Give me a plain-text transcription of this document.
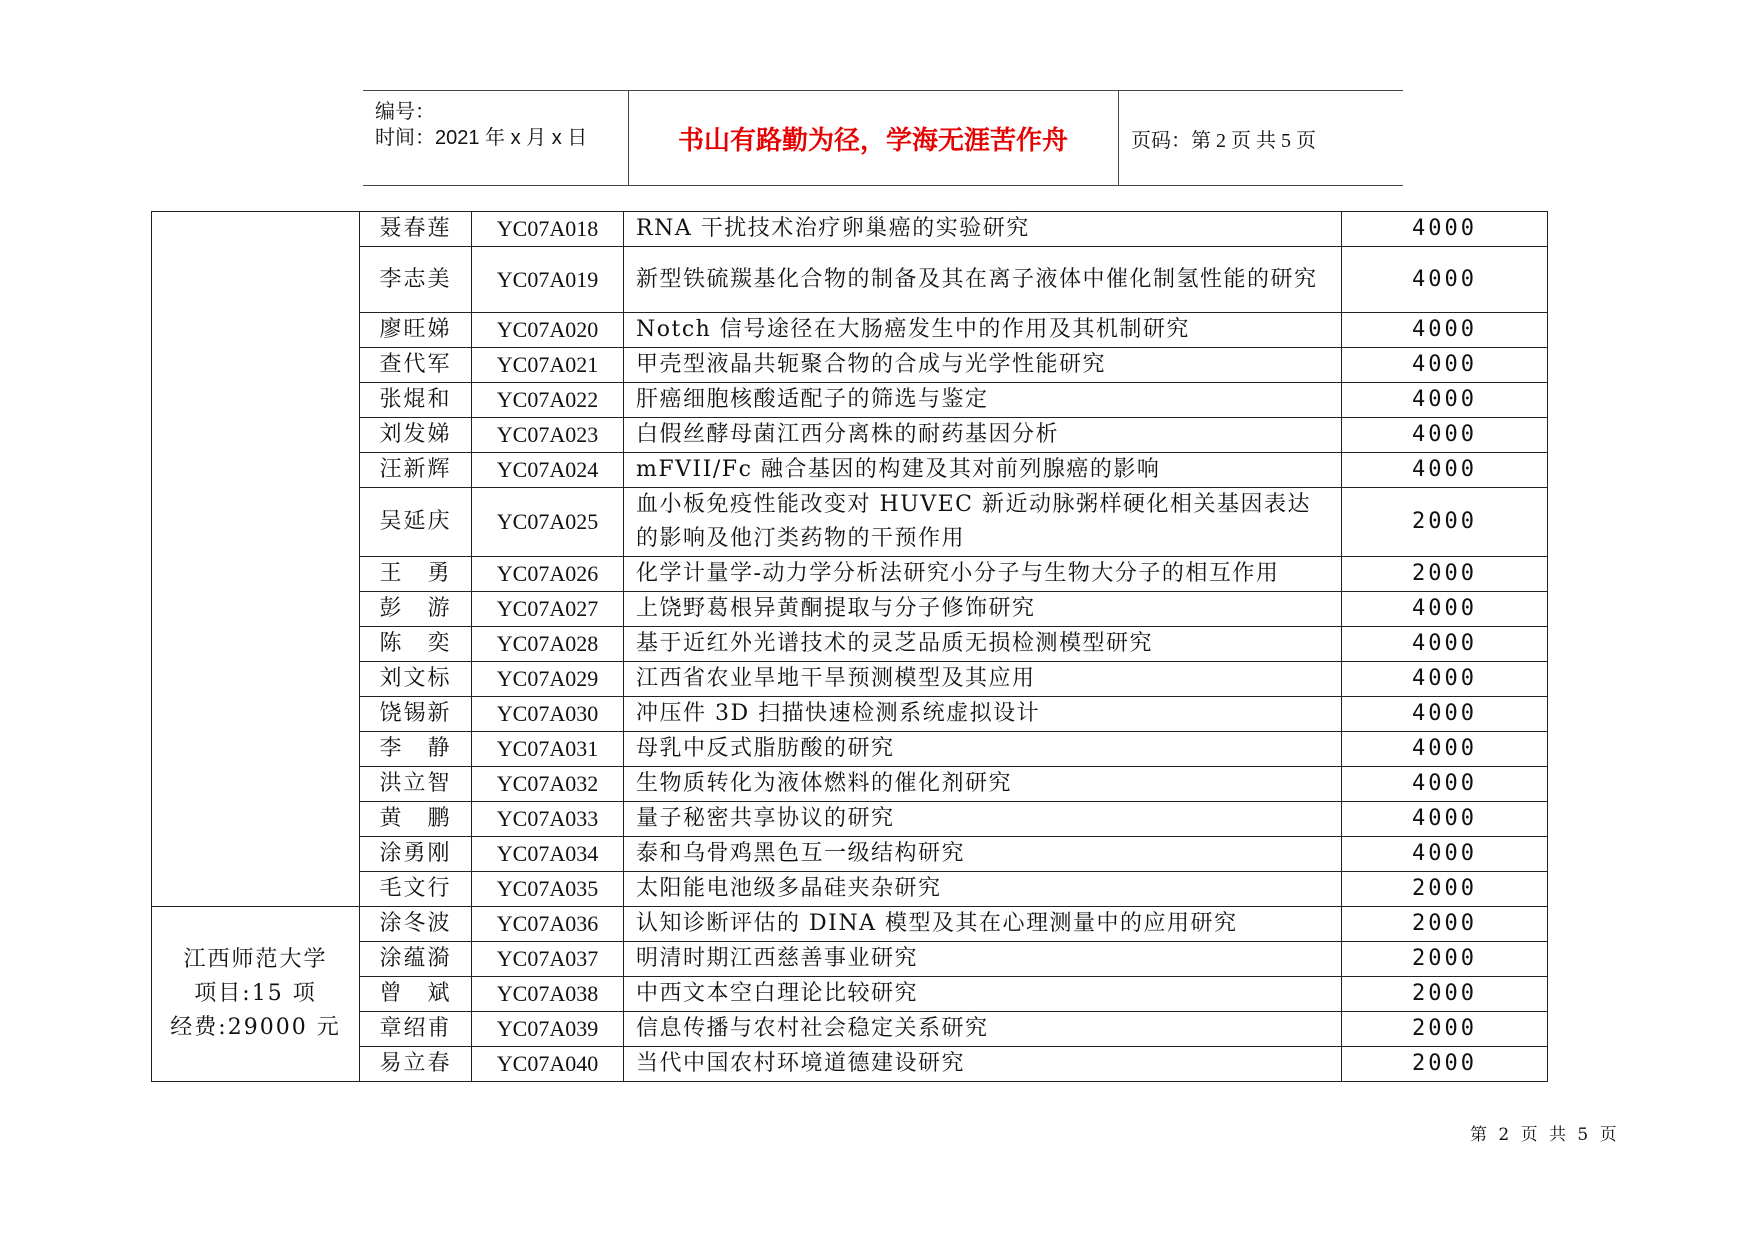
编号：
时间：2021 年 x 月 x 日	书山有路勤为径，学海无涯苦作舟	页码：第 2 页 共 5 页
	聂春莲	YC07A018	RNA 干扰技术治疗卵巢癌的实验研究	4000
	李志美	YC07A019	新型铁硫羰基化合物的制备及其在离子液体中催化制氢性能的研究	4000
	廖旺娣	YC07A020	Notch 信号途径在大肠癌发生中的作用及其机制研究	4000
	查代军	YC07A021	甲壳型液晶共轭聚合物的合成与光学性能研究	4000
	张焜和	YC07A022	肝癌细胞核酸适配子的筛选与鉴定	4000
	刘发娣	YC07A023	白假丝酵母菌江西分离株的耐药基因分析	4000
	汪新辉	YC07A024	mFVII/Fc 融合基因的构建及其对前列腺癌的影响	4000
	吴延庆	YC07A025	血小板免疫性能改变对 HUVEC 新近动脉粥样硬化相关基因表达的影响及他汀类药物的干预作用	2000
	王　勇	YC07A026	化学计量学-动力学分析法研究小分子与生物大分子的相互作用	2000
	彭　游	YC07A027	上饶野葛根异黄酮提取与分子修饰研究	4000
	陈　奕	YC07A028	基于近红外光谱技术的灵芝品质无损检测模型研究	4000
	刘文标	YC07A029	江西省农业旱地干旱预测模型及其应用	4000
	饶锡新	YC07A030	冲压件 3D 扫描快速检测系统虚拟设计	4000
	李　静	YC07A031	母乳中反式脂肪酸的研究	4000
	洪立智	YC07A032	生物质转化为液体燃料的催化剂研究	4000
	黄　鹏	YC07A033	量子秘密共享协议的研究	4000
	涂勇刚	YC07A034	泰和乌骨鸡黑色互一级结构研究	4000
	毛文行	YC07A035	太阳能电池级多晶硅夹杂研究	2000

江西师范大学
项目:15 项
经费:29000 元	涂冬波	YC07A036	认知诊断评估的 DINA 模型及其在心理测量中的应用研究	2000
	涂蕴漪	YC07A037	明清时期江西慈善事业研究	2000
	曾　斌	YC07A038	中西文本空白理论比较研究	2000
	章绍甫	YC07A039	信息传播与农村社会稳定关系研究	2000
	易立春	YC07A040	当代中国农村环境道德建设研究	2000
第 2 页 共 5 页
